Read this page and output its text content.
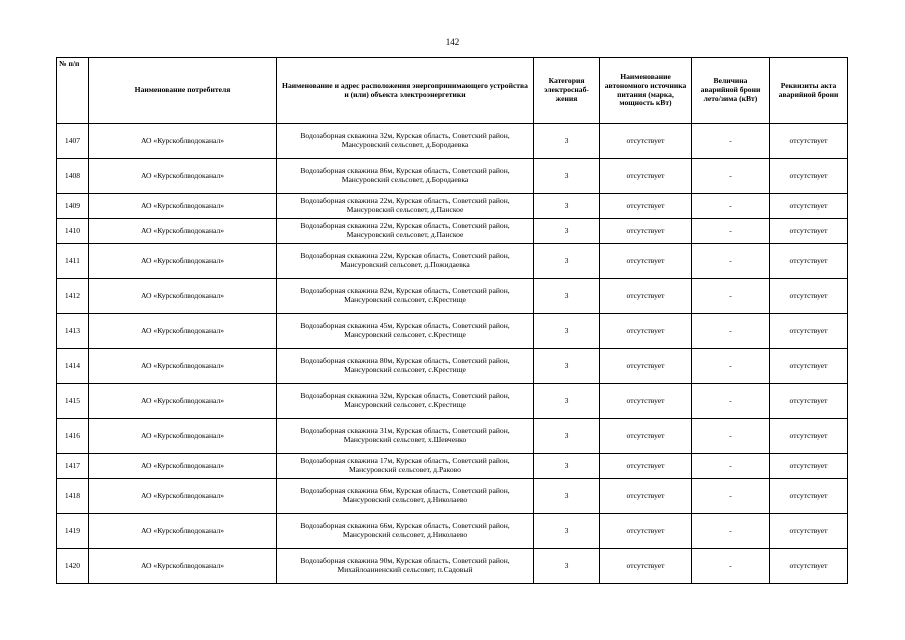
142
№ п/п	Наименование потребителя	Наименование и адрес расположения энергопринимающего устройства и (или) объекта электроэнергетики	Категория электроснаб-жения	Наименование автономного источника питания (марка, мощность кВт)	Величина аварийной брони лето/зима (кВт)	Реквизиты акта аварийной брони
1407	АО «Курскоблводоканал»	Водозаборная скважина 32м, Курская область, Советский район, Мансуровский сельсовет, д.Бородаевка	3	отсутствует	-	отсутствует
1408	АО «Курскоблводоканал»	Водозаборная скважина 86м, Курская область, Советский район, Мансуровский сельсовет, д.Бородаевка	3	отсутствует	-	отсутствует
1409	АО «Курскоблводоканал»	Водозаборная скважина 22м, Курская область, Советский район, Мансуровский сельсовет, д.Панское	3	отсутствует	-	отсутствует
1410	АО «Курскоблводоканал»	Водозаборная скважина 22м, Курская область, Советский район, Мансуровский сельсовет, д.Панское	3	отсутствует	-	отсутствует
1411	АО «Курскоблводоканал»	Водозаборная скважина 22м, Курская область, Советский район, Мансуровский сельсовет, д.Пожидаевка	3	отсутствует	-	отсутствует
1412	АО «Курскоблводоканал»	Водозаборная скважина 82м, Курская область, Советский район, Мансуровский сельсовет, с.Крестище	3	отсутствует	-	отсутствует
1413	АО «Курскоблводоканал»	Водозаборная скважина 45м, Курская область, Советский район, Мансуровский сельсовет, с.Крестище	3	отсутствует	-	отсутствует
1414	АО «Курскоблводоканал»	Водозаборная скважина 80м, Курская область, Советский район, Мансуровский сельсовет, с.Крестище	3	отсутствует	-	отсутствует
1415	АО «Курскоблводоканал»	Водозаборная скважина 32м, Курская область, Советский район, Мансуровский сельсовет, с.Крестище	3	отсутствует	-	отсутствует
1416	АО «Курскоблводоканал»	Водозаборная скважина 31м, Курская область, Советский район, Мансуровский сельсовет, х.Шевченко	3	отсутствует	-	отсутствует
1417	АО «Курскоблводоканал»	Водозаборная скважина 17м, Курская область, Советский район, Мансуровский сельсовет, д.Раково	3	отсутствует	-	отсутствует
1418	АО «Курскоблводоканал»	Водозаборная скважина 66м, Курская область, Советский район, Мансуровский сельсовет, д.Николаево	3	отсутствует	-	отсутствует
1419	АО «Курскоблводоканал»	Водозаборная скважина 66м, Курская область, Советский район, Мансуровский сельсовет, д.Николаево	3	отсутствует	-	отсутствует
1420	АО «Курскоблводоканал»	Водозаборная скважина 90м, Курская область, Советский район, Михайлоанненский сельсовет, п.Садовый	3	отсутствует	-	отсутствует
